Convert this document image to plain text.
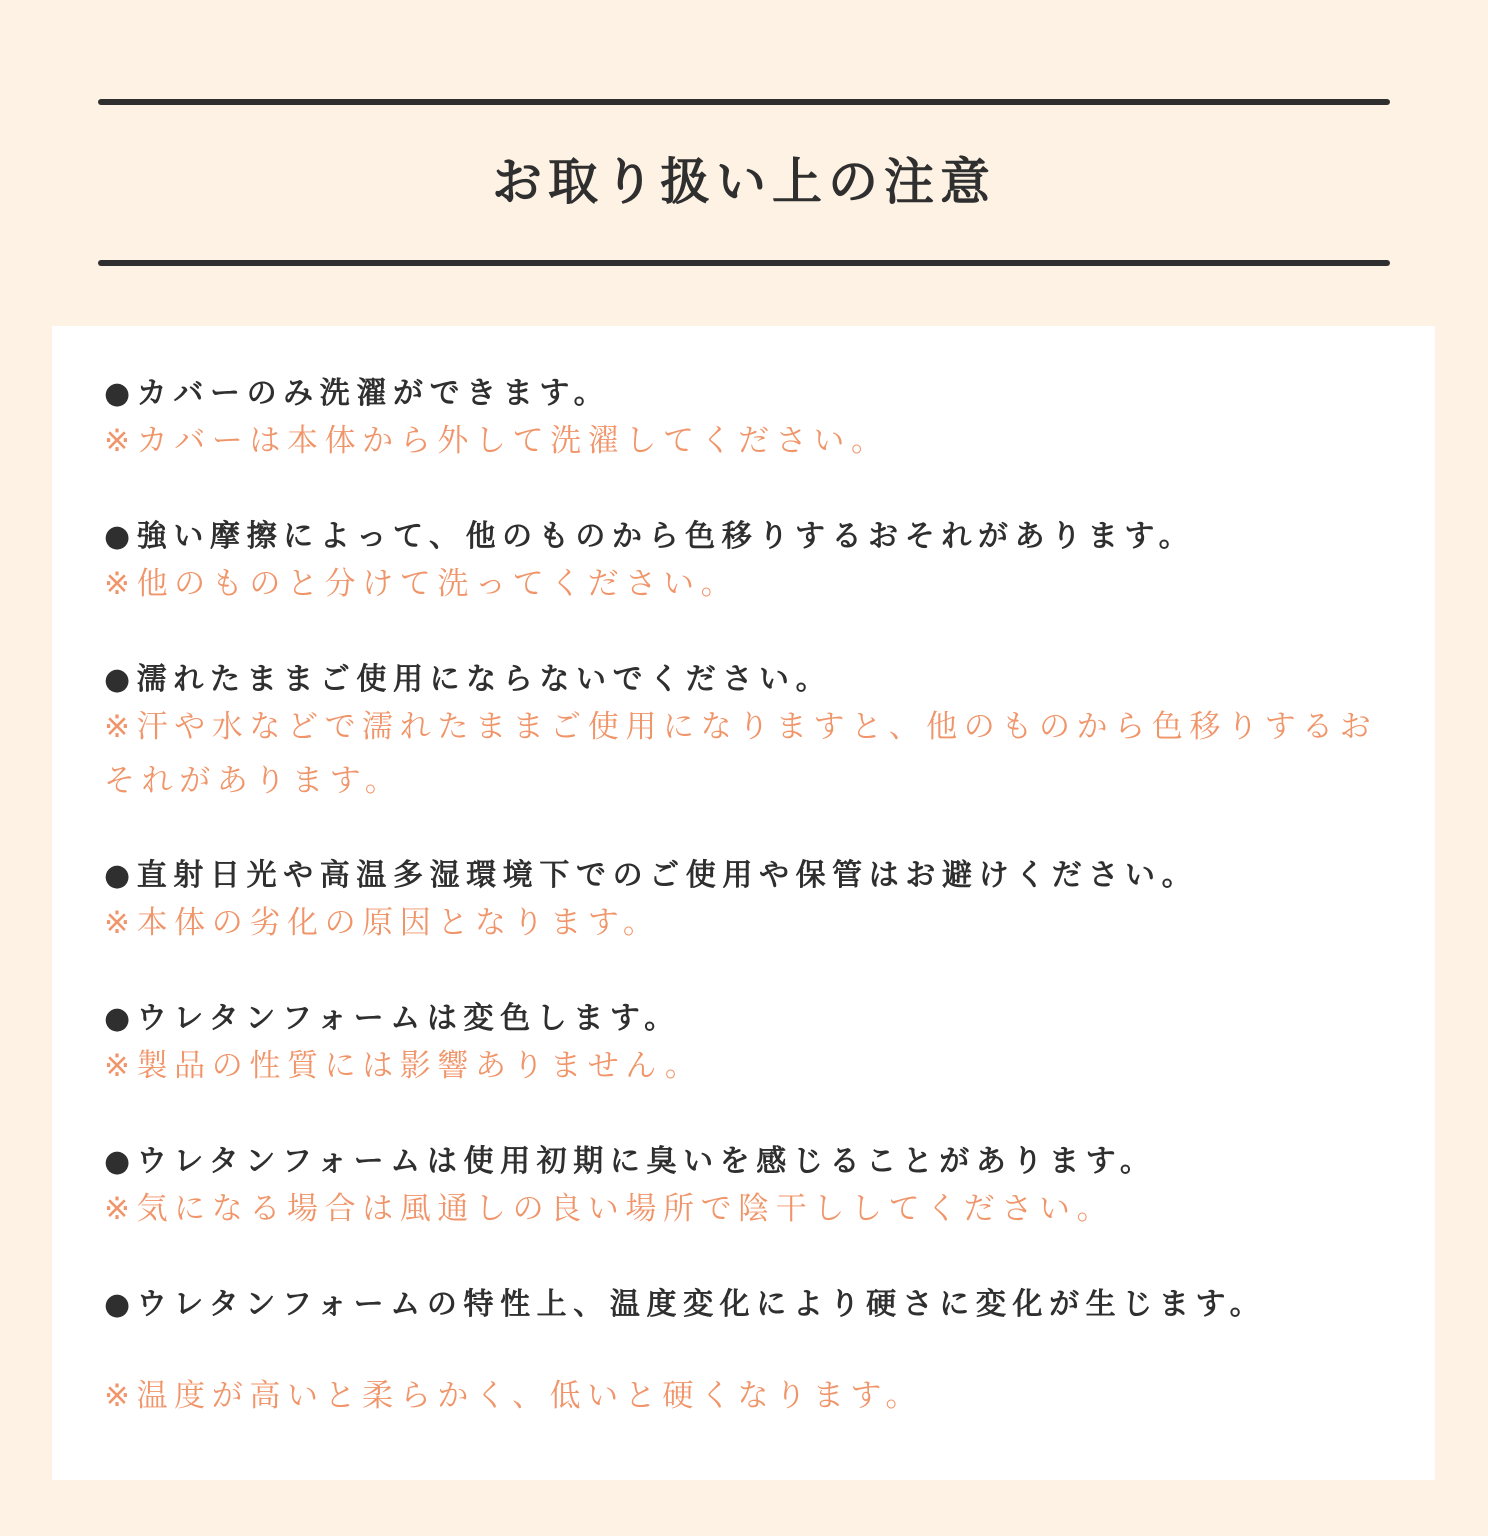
お取り扱い上の注意

●カバーのみ洗濯ができます。

※カバーは本体から外して洗濯してください。

●強い摩擦によって、他のものから色移りするおそれがあります。

※他のものと分けて洗ってください。

●濡れたままご使用にならないでください。

※汗や水などで濡れたままご使用になりますと、他のものから色移りするおそれがあります。

●直射日光や高温多湿環境下でのご使用や保管はお避けください。

※本体の劣化の原因となります。

●ウレタンフォームは変色します。

※製品の性質には影響ありません。

●ウレタンフォームは使用初期に臭いを感じることがあります。

※気になる場合は風通しの良い場所で陰干ししてください。

●ウレタンフォームの特性上、温度変化により硬さに変化が生じます。

※温度が高いと柔らかく、低いと硬くなります。
